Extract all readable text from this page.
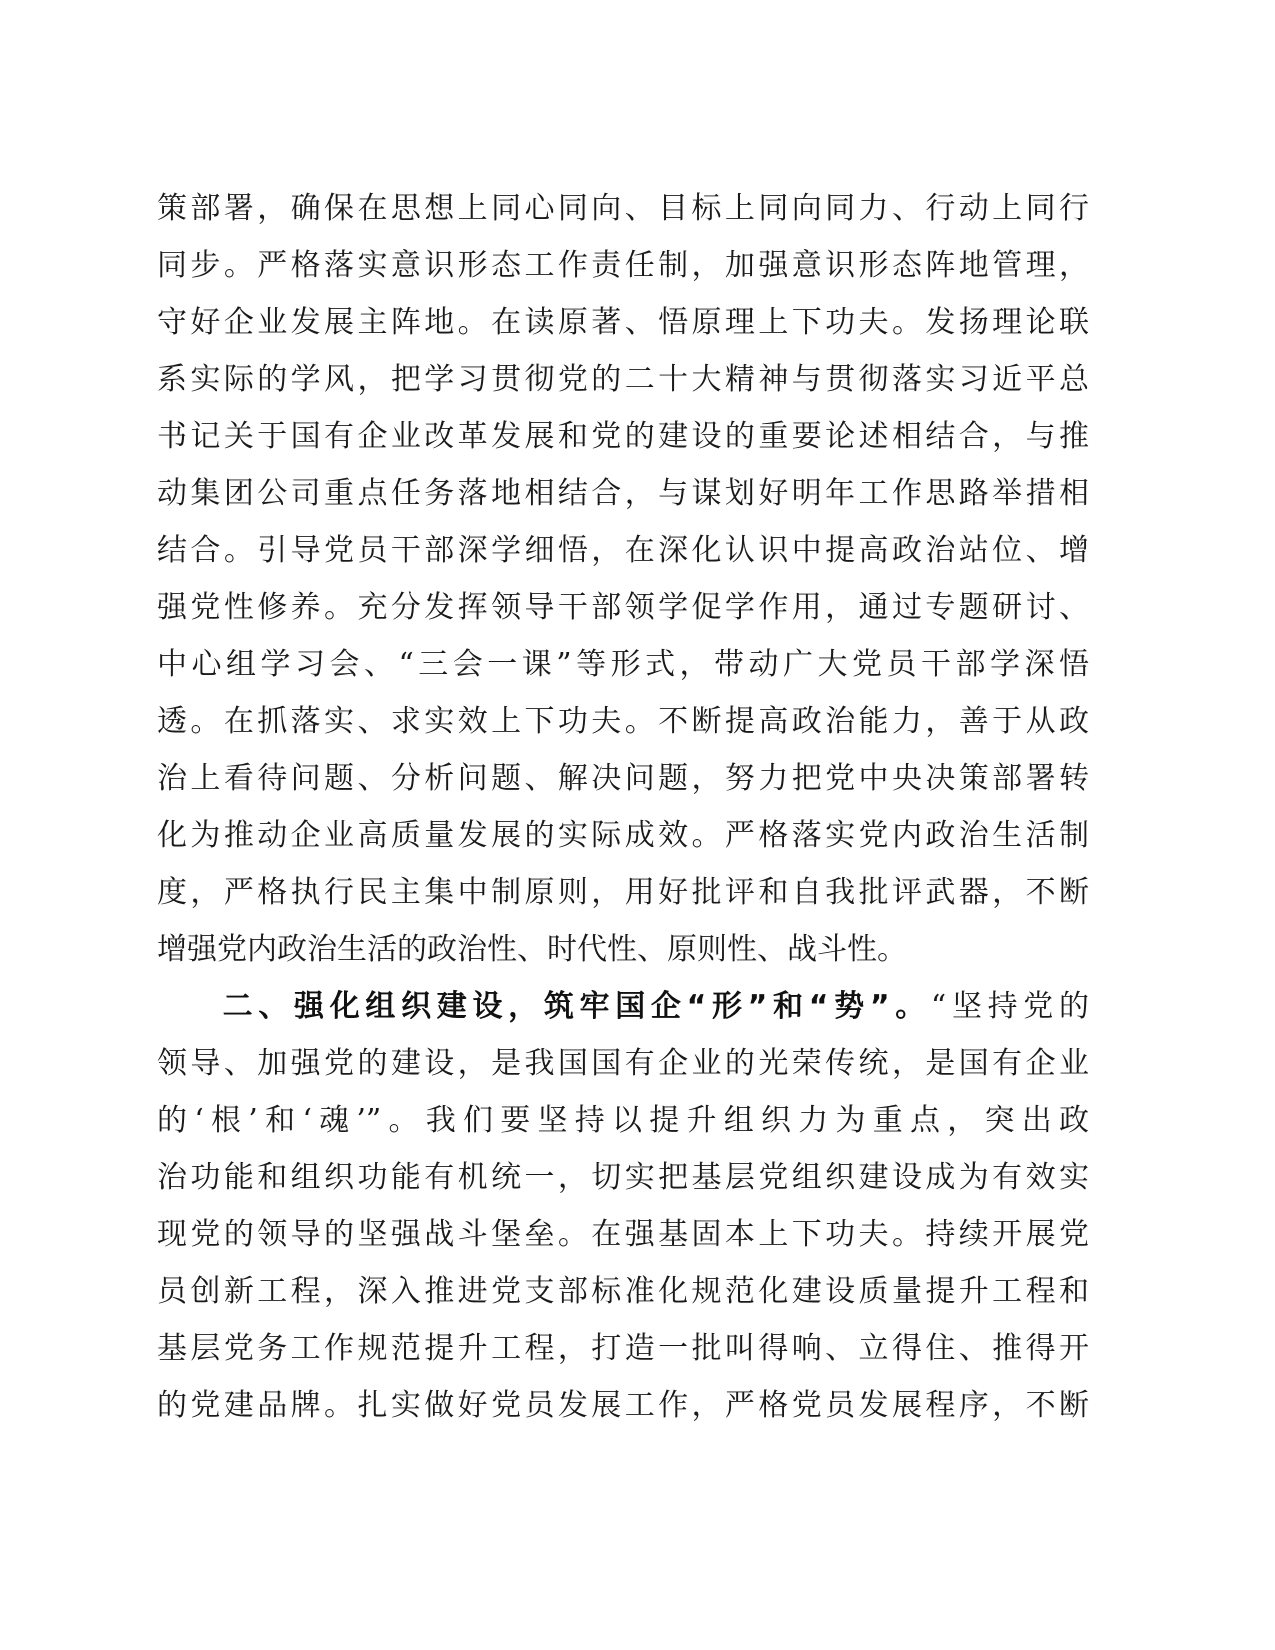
策部署，确保在思想上同心同向、目标上同向同力、行动上同行
同步。严格落实意识形态工作责任制，加强意识形态阵地管理，
守好企业发展主阵地。在读原著、悟原理上下功夫。发扬理论联
系实际的学风，把学习贯彻党的二十大精神与贯彻落实习近平总
书记关于国有企业改革发展和党的建设的重要论述相结合，与推
动集团公司重点任务落地相结合，与谋划好明年工作思路举措相
结合。引导党员干部深学细悟，在深化认识中提高政治站位、增
强党性修养。充分发挥领导干部领学促学作用，通过专题研讨、
中心组学习会、“三会一课”等形式，带动广大党员干部学深悟
透。在抓落实、求实效上下功夫。不断提高政治能力，善于从政
治上看待问题、分析问题、解决问题，努力把党中央决策部署转
化为推动企业高质量发展的实际成效。严格落实党内政治生活制
度，严格执行民主集中制原则，用好批评和自我批评武器，不断
增强党内政治生活的政治性、时代性、原则性、战斗性。
二、强化组织建设，筑牢国企“形”和“势”。“坚持党的
领导、加强党的建设，是我国国有企业的光荣传统，是国有企业
的‘根’和‘魂’”。我们要坚持以提升组织力为重点，突出政
治功能和组织功能有机统一，切实把基层党组织建设成为有效实
现党的领导的坚强战斗堡垒。在强基固本上下功夫。持续开展党
员创新工程，深入推进党支部标准化规范化建设质量提升工程和
基层党务工作规范提升工程，打造一批叫得响、立得住、推得开
的党建品牌。扎实做好党员发展工作，严格党员发展程序，不断
